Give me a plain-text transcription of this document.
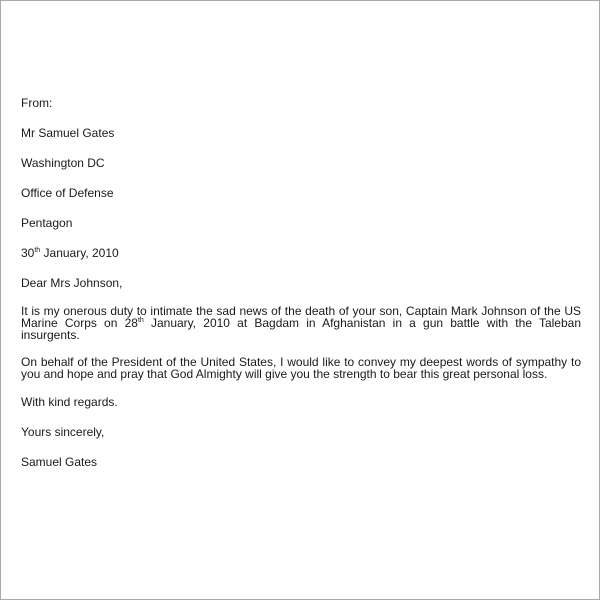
From:
Mr Samuel Gates
Washington DC
Office of Defense
Pentagon
30th January, 2010
Dear Mrs Johnson,

It is my onerous duty to intimate the sad news of the death of your son, Captain Mark Johnson of the US Marine Corps on 28th January, 2010 at Bagdam in Afghanistan in a gun battle with the Taleban insurgents.

On behalf of the President of the United States, I would like to convey my deepest words of sympathy to you and hope and pray that God Almighty will give you the strength to bear this great personal loss.

With kind regards.
Yours sincerely,
Samuel Gates
